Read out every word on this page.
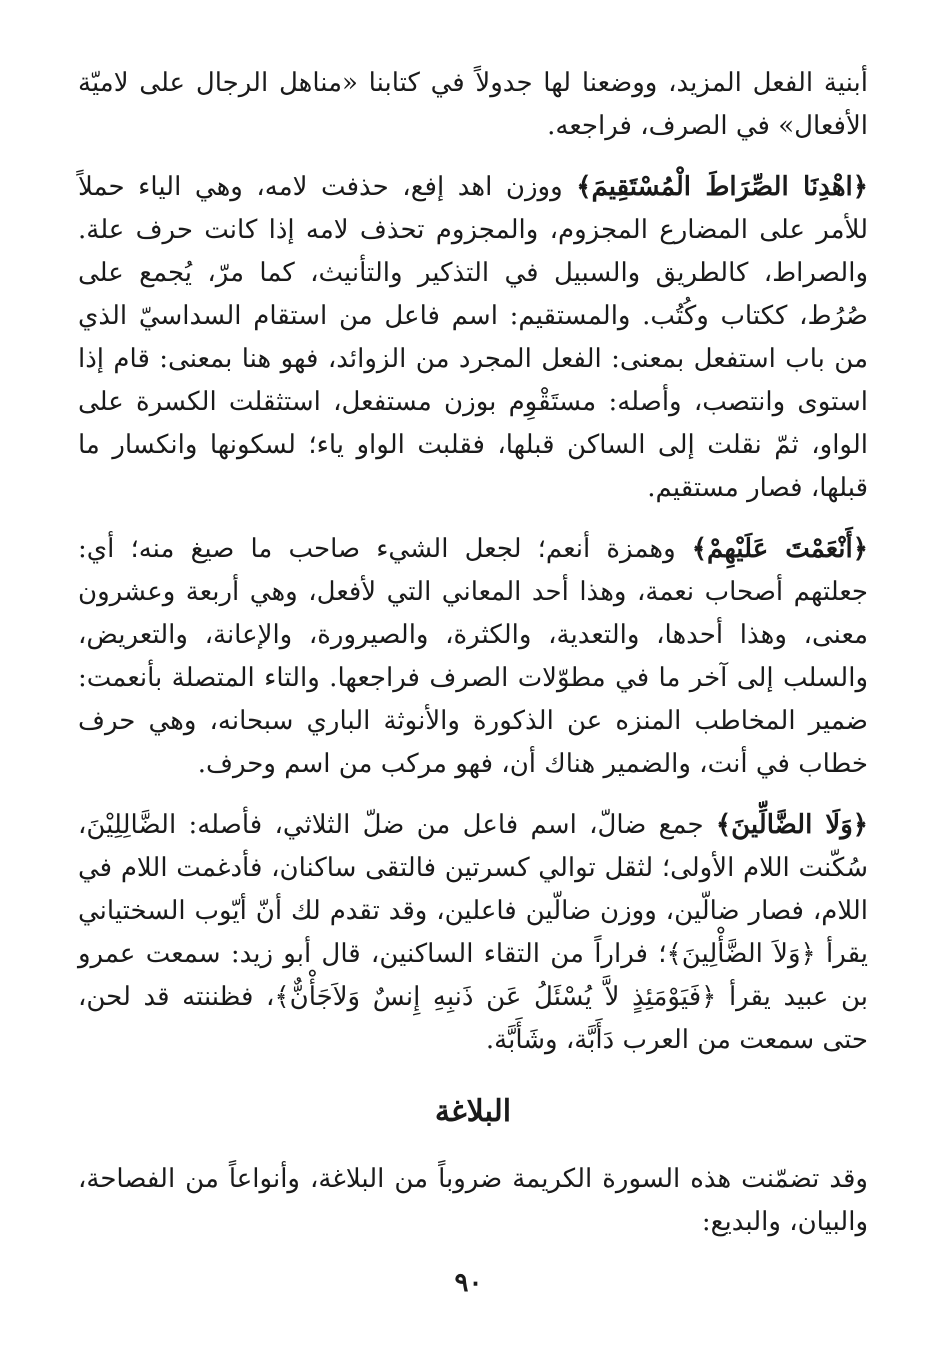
أبنية الفعل المزيد، ووضعنا لها جدولاً في كتابنا «مناهل الرجال على لاميّة الأفعال» في الصرف، فراجعه.

﴿اهْدِنَا الصِّرَاطَ الْمُسْتَقِيمَ﴾ ووزن اهد إفع، حذفت لامه، وهي الياء حملاً للأمر على المضارع المجزوم، والمجزوم تحذف لامه إذا كانت حرف علة. والصراط، كالطريق والسبيل في التذكير والتأنيث، كما مرّ، يُجمع على صُرُط، ككتاب وكُتُب. والمستقيم: اسم فاعل من استقام السداسيّ الذي من باب استفعل بمعنى: الفعل المجرد من الزوائد، فهو هنا بمعنى: قام إذا استوى وانتصب، وأصله: مستَقْوِم بوزن مستفعل، استثقلت الكسرة على الواو، ثمّ نقلت إلى الساكن قبلها، فقلبت الواو ياء؛ لسكونها وانكسار ما قبلها، فصار مستقيم.

﴿أَنْعَمْتَ عَلَيْهِمْ﴾ وهمزة أنعم؛ لجعل الشيء صاحب ما صيغ منه؛ أي: جعلتهم أصحاب نعمة، وهذا أحد المعاني التي لأفعل، وهي أربعة وعشرون معنى، وهذا أحدها، والتعدية، والكثرة، والصيرورة، والإعانة، والتعريض، والسلب إلى آخر ما في مطوّلات الصرف فراجعها. والتاء المتصلة بأنعمت: ضمير المخاطب المنزه عن الذكورة والأنوثة الباري سبحانه، وهي حرف خطاب في أنت، والضمير هناك أن، فهو مركب من اسم وحرف.

﴿وَلَا الضَّالِّينَ﴾ جمع ضالّ، اسم فاعل من ضلّ الثلاثي، فأصله: الضَّالِلِيْنَ، سُكّنت اللام الأولى؛ لثقل توالي كسرتين فالتقى ساكنان، فأدغمت اللام في اللام، فصار ضالّين، ووزن ضالّين فاعلين، وقد تقدم لك أنّ أيّوب السختياني يقرأ ﴿وَلاَ الضَّأْلِينَ﴾؛ فراراً من التقاء الساكنين، قال أبو زيد: سمعت عمرو بن عبيد يقرأ ﴿فَيَوْمَئِذٍ لاَّ يُسْئَلُ عَن ذَنبِهِ إِنسٌ وَلاَجَأْنٌّ﴾، فظننته قد لحن، حتى سمعت من العرب دَأَبَّة، وشَأَبَّة.

البلاغة

وقد تضمّنت هذه السورة الكريمة ضروباً من البلاغة، وأنواعاً من الفصاحة، والبيان، والبديع:

٩٠
